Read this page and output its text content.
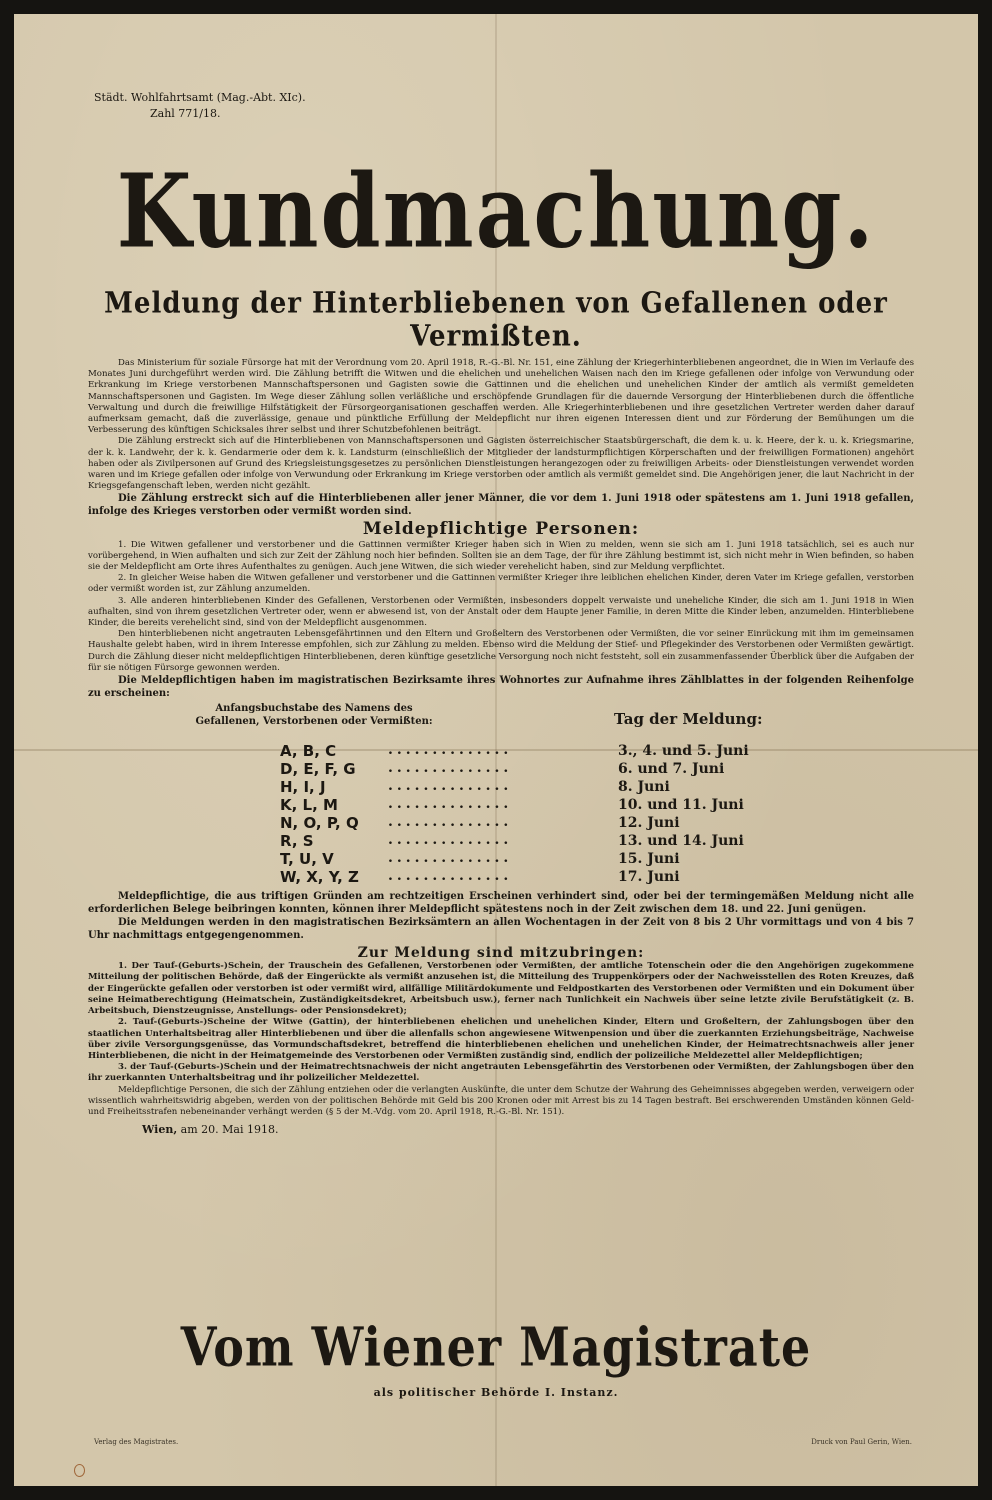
Städt. Wohlfahrtsamt (Mag.-Abt. XIc).
Zahl 771/18.
Kundmachung.
Meldung der Hinterbliebenen von Gefallenen oder Vermißten.

Das Ministerium für soziale Fürsorge hat mit der Verordnung vom 20. April 1918, R.-G.-Bl. Nr. 151, eine Zählung der Kriegerhinterbliebenen angeordnet, die in Wien im Verlaufe des Monates Juni durchgeführt werden wird. Die Zählung betrifft die Witwen und die ehelichen und unehelichen Waisen nach den im Kriege gefallenen oder infolge von Verwundung oder Erkrankung im Kriege verstorbenen Mannschaftspersonen und Gagisten sowie die Gattinnen und die ehelichen und unehelichen Kinder der amtlich als vermißt gemeldeten Mannschaftspersonen und Gagisten. Im Wege dieser Zählung sollen verläßliche und erschöpfende Grundlagen für die dauernde Versorgung der Hinterbliebenen durch die öffentliche Verwaltung und durch die freiwillige Hilfstätigkeit der Fürsorgeorganisationen geschaffen werden. Alle Kriegerhinterbliebenen und ihre gesetzlichen Vertreter werden daher darauf aufmerksam gemacht, daß die zuverlässige, genaue und pünktliche Erfüllung der Meldepflicht nur ihren eigenen Interessen dient und zur Förderung der Bemühungen um die Verbesserung des künftigen Schicksales ihrer selbst und ihrer Schutzbefohlenen beiträgt.

Die Zählung erstreckt sich auf die Hinterbliebenen von Mannschaftspersonen und Gagisten österreichischer Staatsbürgerschaft, die dem k. u. k. Heere, der k. u. k. Kriegsmarine, der k. k. Landwehr, der k. k. Gendarmerie oder dem k. k. Landsturm (einschließlich der Mitglieder der landsturmpflichtigen Körperschaften und der freiwilligen Formationen) angehört haben oder als Zivilpersonen auf Grund des Kriegsleistungsgesetzes zu persönlichen Dienstleistungen herangezogen oder zu freiwilligen Arbeits- oder Dienstleistungen verwendet worden waren und im Kriege gefallen oder infolge von Verwundung oder Erkrankung im Kriege verstorben oder amtlich als vermißt gemeldet sind. Die Angehörigen jener, die laut Nachricht in der Kriegsgefangenschaft leben, werden nicht gezählt.

Die Zählung erstreckt sich auf die Hinterbliebenen aller jener Männer, die vor dem 1. Juni 1918 oder spätestens am 1. Juni 1918 gefallen, infolge des Krieges verstorben oder vermißt worden sind.

Meldepflichtige Personen:

1. Die Witwen gefallener und verstorbener und die Gattinnen vermißter Krieger haben sich in Wien zu melden, wenn sie sich am 1. Juni 1918 tatsächlich, sei es auch nur vorübergehend, in Wien aufhalten und sich zur Zeit der Zählung noch hier befinden. Sollten sie an dem Tage, der für ihre Zählung bestimmt ist, sich nicht mehr in Wien befinden, so haben sie der Meldepflicht am Orte ihres Aufenthaltes zu genügen. Auch jene Witwen, die sich wieder verehelicht haben, sind zur Meldung verpflichtet.

2. In gleicher Weise haben die Witwen gefallener und verstorbener und die Gattinnen vermißter Krieger ihre leiblichen ehelichen Kinder, deren Vater im Kriege gefallen, verstorben oder vermißt worden ist, zur Zählung anzumelden.

3. Alle anderen hinterbliebenen Kinder des Gefallenen, Verstorbenen oder Vermißten, insbesonders doppelt verwaiste und uneheliche Kinder, die sich am 1. Juni 1918 in Wien aufhalten, sind von ihrem gesetzlichen Vertreter oder, wenn er abwesend ist, von der Anstalt oder dem Haupte jener Familie, in deren Mitte die Kinder leben, anzumelden. Hinterbliebene Kinder, die bereits verehelicht sind, sind von der Meldepflicht ausgenommen.

Den hinterbliebenen nicht angetrauten Lebensgefährtinnen und den Eltern und Großeltern des Verstorbenen oder Vermißten, die vor seiner Einrückung mit ihm im gemeinsamen Haushalte gelebt haben, wird in ihrem Interesse empfohlen, sich zur Zählung zu melden. Ebenso wird die Meldung der Stief- und Pflegekinder des Verstorbenen oder Vermißten gewärtigt. Durch die Zählung dieser nicht meldepflichtigen Hinterbliebenen, deren künftige gesetzliche Versorgung noch nicht feststeht, soll ein zusammenfassender Überblick über die Aufgaben der für sie nötigen Fürsorge gewonnen werden.

Die Meldepflichtigen haben im magistratischen Bezirksamte ihres Wohnortes zur Aufnahme ihres Zählblattes in der folgenden Reihenfolge zu erscheinen:

Anfangsbuchstabe des Namens des Gefallenen, Verstorbenen oder Vermißten:	Tag der Meldung:
A, B, C	..............	3., 4. und 5. Juni
D, E, F, G ..............	6. und 7. Juni
H, I, J	..............	8. Juni
K, L, M	..............	10. und 11. Juni
N, O, P, Q ..............	12. Juni
R, S	..............	13. und 14. Juni
T, U, V	..............	15. Juni
W, X, Y, Z ..............	17. Juni

Meldepflichtige, die aus triftigen Gründen am rechtzeitigen Erscheinen verhindert sind, oder bei der termingemäßen Meldung nicht alle erforderlichen Belege beibringen konnten, können ihrer Meldepflicht spätestens noch in der Zeit zwischen dem 18. und 22. Juni genügen.

Die Meldungen werden in den magistratischen Bezirksämtern an allen Wochentagen in der Zeit von 8 bis 2 Uhr vormittags und von 4 bis 7 Uhr nachmittags entgegengenommen.

Zur Meldung sind mitzubringen:

1. Der Tauf-(Geburts-)Schein, der Trauschein des Gefallenen, Verstorbenen oder Vermißten, der amtliche Totenschein oder die den Angehörigen zugekommene Mitteilung der politischen Behörde, daß der Eingerückte als vermißt anzusehen ist, die Mitteilung des Truppenkörpers oder der Nachweisstellen des Roten Kreuzes, daß der Eingerückte gefallen oder verstorben ist oder vermißt wird, allfällige Militärdokumente und Feldpostkarten des Verstorbenen oder Vermißten und ein Dokument über seine Heimatberechtigung (Heimatschein, Zuständigkeitsdekret, Arbeitsbuch usw.), ferner nach Tunlichkeit ein Nachweis über seine letzte zivile Berufstätigkeit (z. B. Arbeitsbuch, Dienstzeugnisse, Anstellungs- oder Pensionsdekret);

2. Tauf-(Geburts-)Scheine der Witwe (Gattin), der hinterbliebenen ehelichen und unehelichen Kinder, Eltern und Großeltern, der Zahlungsbogen über den staatlichen Unterhaltsbeitrag aller Hinterbliebenen und über die allenfalls schon angewiesene Witwenpension und über die zuerkannten Erziehungsbeiträge, Nachweise über zivile Versorgungsgenüsse, das Vormundschaftsdekret, betreffend die hinterbliebenen ehelichen und unehelichen Kinder, der Heimatrechtsnachweis aller jener Hinterbliebenen, die nicht in der Heimatgemeinde des Verstorbenen oder Vermißten zuständig sind, endlich der polizeiliche Meldezettel aller Meldepflichtigen;

3. der Tauf-(Geburts-)Schein und der Heimatrechtsnachweis der nicht angetrauten Lebensgefährtin des Verstorbenen oder Vermißten, der Zahlungsbogen über den ihr zuerkannten Unterhaltsbeitrag und ihr polizeilicher Meldezettel.

Meldepflichtige Personen, die sich der Zählung entziehen oder die verlangten Auskünfte, die unter dem Schutze der Wahrung des Geheimnisses abgegeben werden, verweigern oder wissentlich wahrheitswidrig abgeben, werden von der politischen Behörde mit Geld bis 200 Kronen oder mit Arrest bis zu 14 Tagen bestraft. Bei erschwerenden Umständen können Geld- und Freiheitsstrafen nebeneinander verhängt werden (§ 5 der M.-Vdg. vom 20. April 1918, R.-G.-Bl. Nr. 151).

Wien, am 20. Mai 1918.
Vom Wiener Magistrate
als politischer Behörde I. Instanz.
Verlag des Magistrates.	Druck von Paul Gerin, Wien.
